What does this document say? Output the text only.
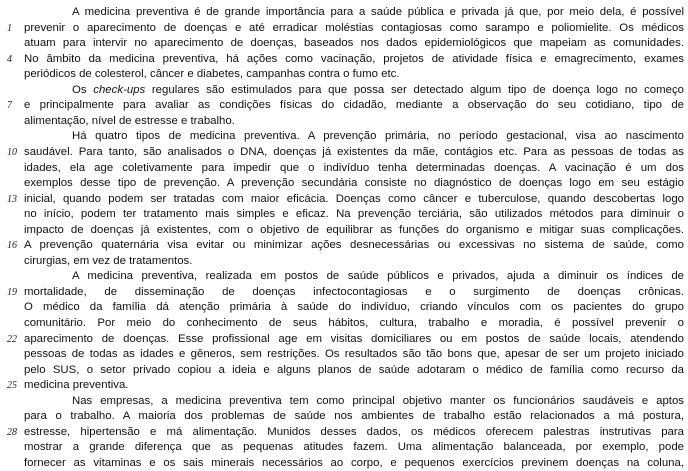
A medicina preventiva é de grande importância para a saúde pública e privada já que, por meio dela, é possível
1 prevenir o aparecimento de doenças e até erradicar moléstias contagiosas como sarampo e poliomielite. Os médicos
atuam para intervir no aparecimento de doenças, baseados nos dados epidemiológicos que mapeiam as comunidades.
4 No âmbito da medicina preventiva, há ações como vacinação, projetos de atividade física e emagrecimento, exames
periódicos de colesterol, câncer e diabetes, campanhas contra o fumo etc.
Os check-ups regulares são estimulados para que possa ser detectado algum tipo de doença logo no começo
7 e principalmente para avaliar as condições físicas do cidadão, mediante a observação do seu cotidiano, tipo de
alimentação, nível de estresse e trabalho.
Há quatro tipos de medicina preventiva. A prevenção primária, no período gestacional, visa ao nascimento
10 saudável. Para tanto, são analisados o DNA, doenças já existentes da mãe, contágios etc. Para as pessoas de todas as
idades, ela age coletivamente para impedir que o indivíduo tenha determinadas doenças. A vacinação é um dos
exemplos desse tipo de prevenção. A prevenção secundária consiste no diagnóstico de doenças logo em seu estágio
13 inicial, quando podem ser tratadas com maior eficácia. Doenças como câncer e tuberculose, quando descobertas logo
no início, podem ter tratamento mais simples e eficaz. Na prevenção terciária, são utilizados métodos para diminuir o
impacto de doenças já existentes, com o objetivo de equilibrar as funções do organismo e mitigar suas complicações.
16 A prevenção quaternária visa evitar ou minimizar ações desnecessárias ou excessivas no sistema de saúde, como
cirurgias, em vez de tratamentos.
A medicina preventiva, realizada em postos de saúde públicos e privados, ajuda a diminuir os índices de
19 mortalidade, de disseminação de doenças infectocontagiosas e o surgimento de doenças crônicas.
O médico da família dá atenção primária à saúde do indivíduo, criando vínculos com os pacientes do grupo
comunitário. Por meio do conhecimento de seus hábitos, cultura, trabalho e moradia, é possível prevenir o
22 aparecimento de doenças. Esse profissional age em visitas domiciliares ou em postos de saúde locais, atendendo
pessoas de todas as idades e gêneros, sem restrições. Os resultados são tão bons que, apesar de ser um projeto iniciado
pelo SUS, o setor privado copiou a ideia e alguns planos de saúde adotaram o médico de família como recurso da
25 medicina preventiva.
Nas empresas, a medicina preventiva tem como principal objetivo manter os funcionários saudáveis e aptos
para o trabalho. A maioria dos problemas de saúde nos ambientes de trabalho estão relacionados a má postura,
28 estresse, hipertensão e má alimentação. Munidos desses dados, os médicos oferecem palestras instrutivas para
mostrar a grande diferença que as pequenas atitudes fazem. Uma alimentação balanceada, por exemplo, pode
fornecer as vitaminas e os sais minerais necessários ao corpo, e pequenos exercícios previnem doenças na coluna,
